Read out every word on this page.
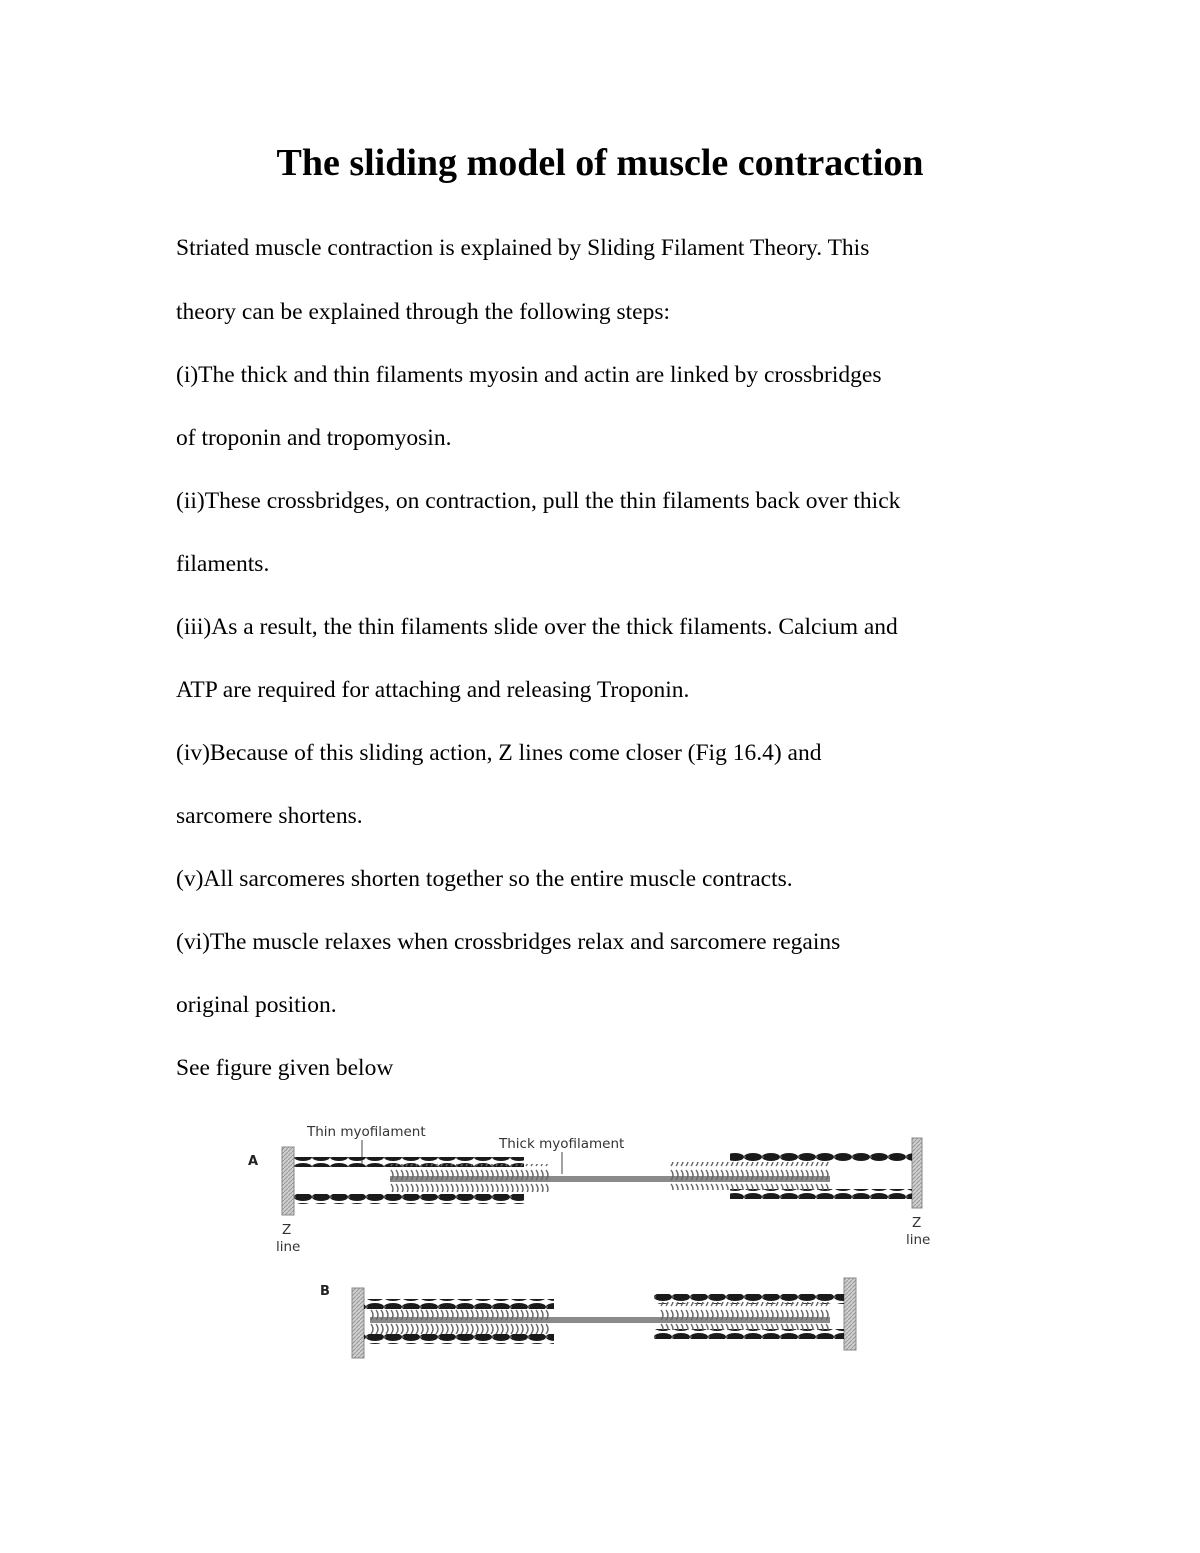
The sliding model of muscle contraction

Striated muscle contraction is explained by Sliding Filament Theory. This

theory can be explained through the following steps:

(i)The thick and thin filaments myosin and actin are linked by crossbridges

of troponin and tropomyosin.

(ii)These crossbridges, on contraction, pull the thin filaments back over thick

filaments.

(iii)As a result, the thin filaments slide over the thick filaments. Calcium and

ATP are required for attaching and releasing Troponin.

(iv)Because of this sliding action, Z lines come closer (Fig 16.4) and

sarcomere shortens.

(v)All sarcomeres shorten together so the entire muscle contracts.

(vi)The muscle relaxes when crossbridges relax and sarcomere regains

original position.

See figure given below

A
Thin myofilament
Thick myofilament
Z
line
Z
line
B
